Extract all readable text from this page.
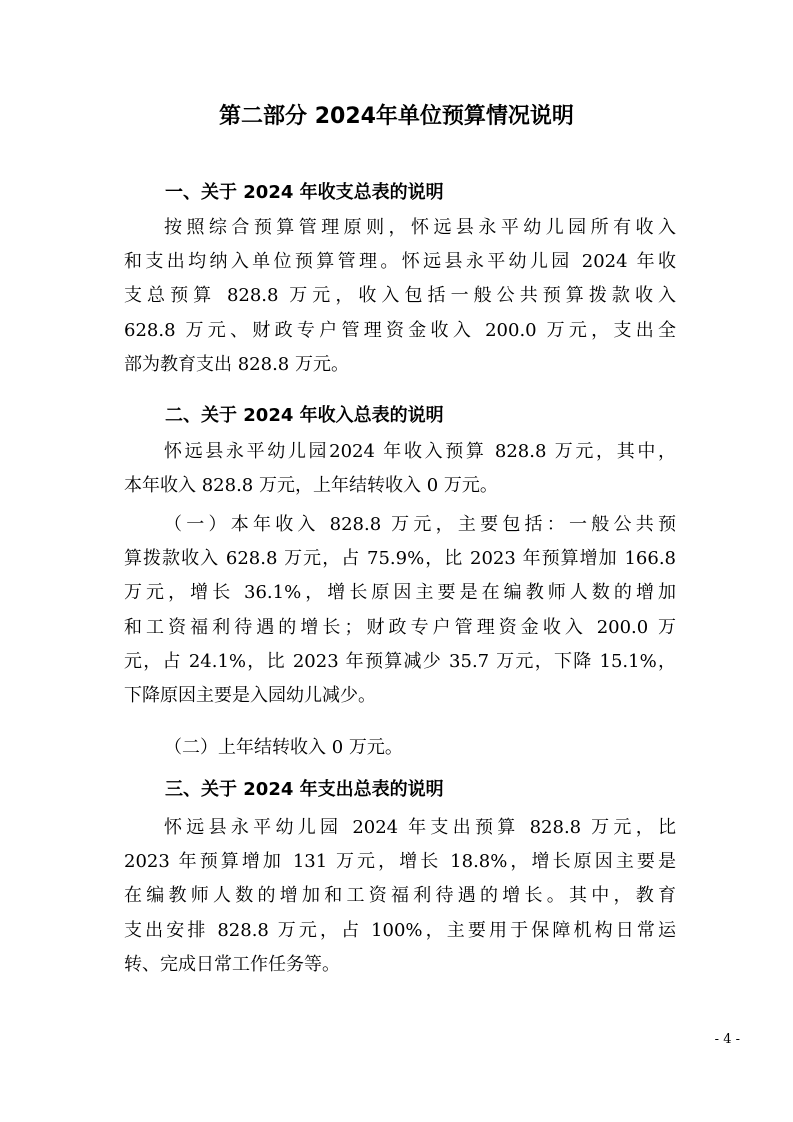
第二部分 2024年单位预算情况说明
一、关于 2024 年收支总表的说明
按照综合预算管理原则，怀远县永平幼儿园所有收入
和支出均纳入单位预算管理。怀远县永平幼儿园 2024 年收
支总预算 828.8 万元，收入包括一般公共预算拨款收入
628.8 万元、财政专户管理资金收入 200.0 万元，支出全
部为教育支出 828.8 万元。
二、关于 2024 年收入总表的说明
怀远县永平幼儿园2024 年收入预算 828.8 万元，其中，
本年收入 828.8 万元，上年结转收入 0 万元。
（一）本年收入 828.8 万元，主要包括：一般公共预
算拨款收入 628.8 万元，占 75.9%，比 2023 年预算增加 166.8
万元，增长 36.1%，增长原因主要是在编教师人数的增加
和工资福利待遇的增长；财政专户管理资金收入 200.0 万
元，占 24.1%，比 2023 年预算减少 35.7 万元，下降 15.1%，
下降原因主要是入园幼儿减少。
（二）上年结转收入 0 万元。
三、关于 2024 年支出总表的说明
怀远县永平幼儿园 2024 年支出预算 828.8 万元，比
2023 年预算增加 131 万元，增长 18.8%，增长原因主要是
在编教师人数的增加和工资福利待遇的增长。其中，教育
支出安排 828.8 万元，占 100%，主要用于保障机构日常运
转、完成日常工作任务等。
- 4 -
